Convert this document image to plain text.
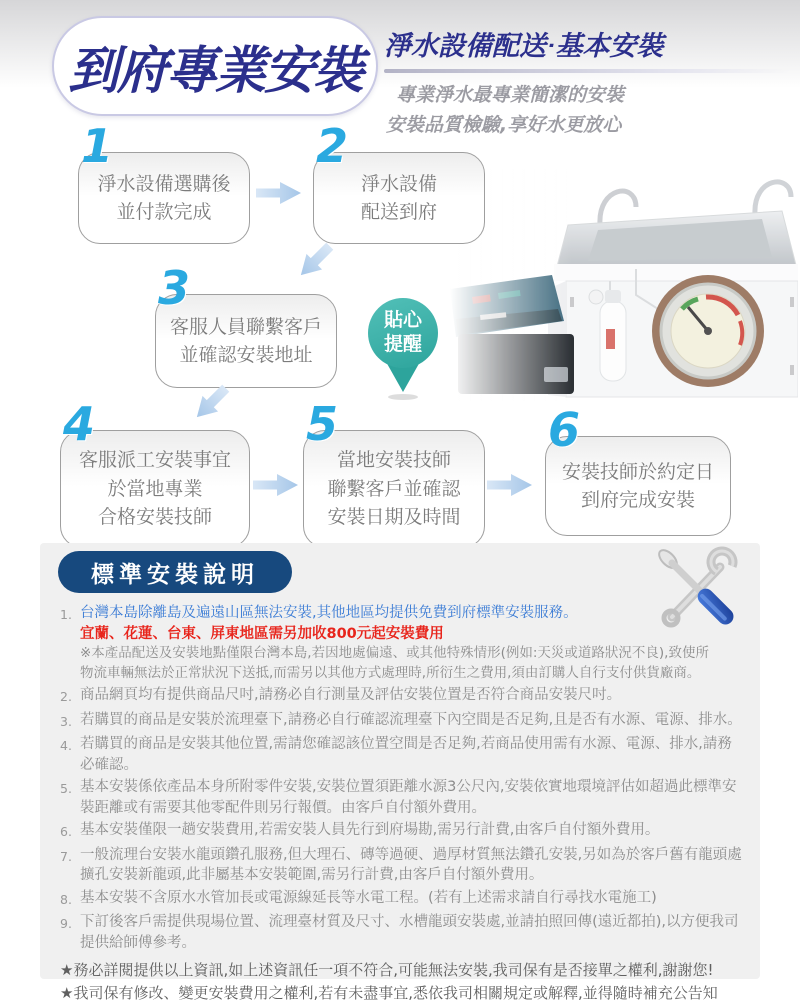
到府專業安裝 淨水設備配送‧基本安裝
專業淨水最專業簡潔的安裝
安裝品質檢驗,享好水更放心
1
淨水設備選購後
並付款完成
2
淨水設備
配送到府
3
客服人員聯繫客戶
並確認安裝地址
貼心
提醒
4
客服派工安裝事宜
於當地專業
合格安裝技師
5
當地安裝技師
聯繫客戶並確認
安裝日期及時間
6
安裝技師於約定日
到府完成安裝
標準安裝說明
1. 台灣本島除離島及遍遠山區無法安裝,其他地區均提供免費到府標準安裝服務。
宜蘭、花蓮、台東、屏東地區需另加收800元起安裝費用
※本產品配送及安裝地點僅限台灣本島,若因地處偏遠、或其他特殊情形(例如:天災或道路狀況不良),致使所
物流車輛無法於正常狀況下送抵,而需另以其他方式處理時,所衍生之費用,須由訂購人自行支付供貨廠商。
2. 商品網頁均有提供商品尺吋,請務必自行測量及評估安裝位置是否符合商品安裝尺吋。
3. 若購買的商品是安裝於流理臺下,請務必自行確認流理臺下內空間是否足夠,且是否有水源、電源、排水。
4. 若購買的商品是安裝其他位置,需請您確認該位置空間是否足夠,若商品使用需有水源、電源、排水,請務必確認。
5. 基本安裝係依產品本身所附零件安裝,安裝位置須距離水源3公尺內,安裝依實地環境評估如超過此標準安裝距離或有需要其他零配件則另行報價。由客戶自付額外費用。
6. 基本安裝僅限一趟安裝費用,若需安裝人員先行到府場勘,需另行計費,由客戶自付額外費用。
7. 一般流理台安裝水龍頭鑽孔服務,但大理石、磚等過硬、過厚材質無法鑽孔安裝,另如為於客戶舊有龍頭處擴孔安裝新龍頭,此非屬基本安裝範圍,需另行計費,由客戶自付額外費用。
8. 基本安裝不含原水水管加長或電源線延長等水電工程。(若有上述需求請自行尋找水電施工)
9. 下訂後客戶需提供現場位置、流理臺材質及尺寸、水槽龍頭安裝處,並請拍照回傳(遠近都拍),以方便我司提供給師傅參考。
★務必詳閱提供以上資訊,如上述資訊任一項不符合,可能無法安裝,我司保有是否接單之權利,謝謝您!
★我司保有修改、變更安裝費用之權利,若有未盡事宜,悉依我司相關規定或解釋,並得隨時補充公告知
